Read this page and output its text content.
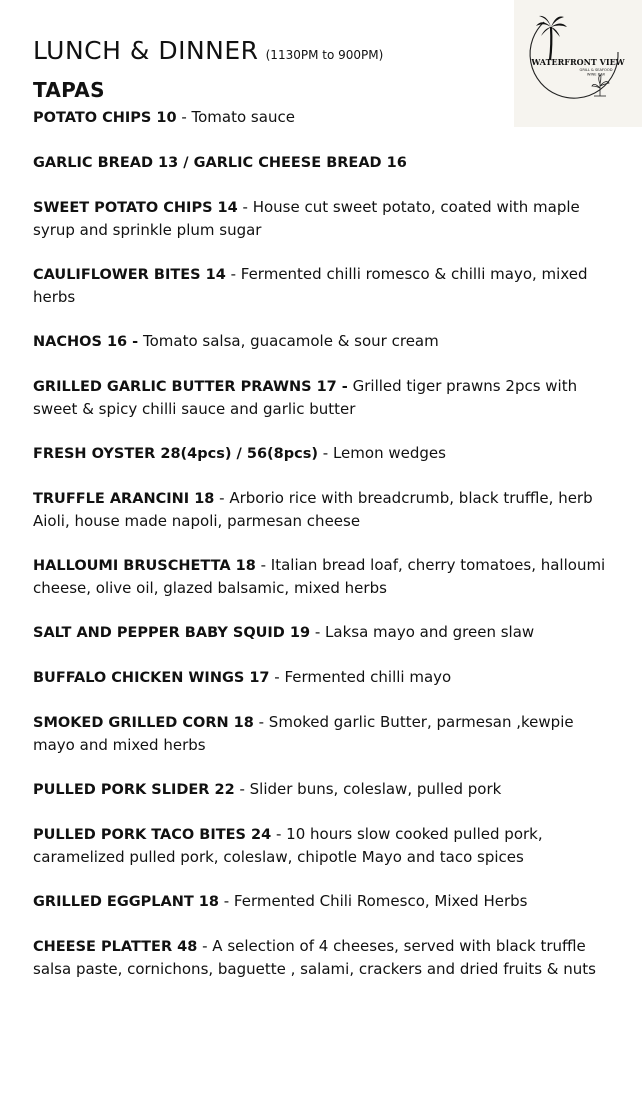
WATERFRONT VIEW
GRILL & SEAFOOD
WINE BAR
LUNCH & DINNER (1130PM to 900PM)
TAPAS
POTATO CHIPS 10 - Tomato sauce
GARLIC BREAD 13 / GARLIC CHEESE BREAD 16
SWEET POTATO CHIPS 14 - House cut sweet potato, coated with maple syrup and sprinkle plum sugar
CAULIFLOWER BITES 14 - Fermented chilli romesco & chilli mayo, mixed herbs
NACHOS 16 - Tomato salsa, guacamole & sour cream
GRILLED GARLIC BUTTER PRAWNS 17 - Grilled tiger prawns 2pcs with sweet & spicy chilli sauce and garlic butter
FRESH OYSTER 28(4pcs) / 56(8pcs) - Lemon wedges
TRUFFLE ARANCINI 18 - Arborio rice with breadcrumb, black truffle, herb Aioli, house made napoli, parmesan cheese
HALLOUMI BRUSCHETTA 18 - Italian bread loaf, cherry tomatoes, halloumi cheese, olive oil, glazed balsamic, mixed herbs
SALT AND PEPPER BABY SQUID 19 - Laksa mayo and green slaw
BUFFALO CHICKEN WINGS 17 - Fermented chilli mayo
SMOKED GRILLED CORN 18 - Smoked garlic Butter, parmesan ,kewpie mayo and mixed herbs
PULLED PORK SLIDER 22 - Slider buns, coleslaw, pulled pork
PULLED PORK TACO BITES 24 - 10 hours slow cooked pulled pork, caramelized pulled pork, coleslaw, chipotle Mayo and taco spices
GRILLED EGGPLANT 18 - Fermented Chili Romesco, Mixed Herbs
CHEESE PLATTER 48 - A selection of 4 cheeses, served with black truffle salsa paste, cornichons, baguette , salami, crackers and dried fruits & nuts
